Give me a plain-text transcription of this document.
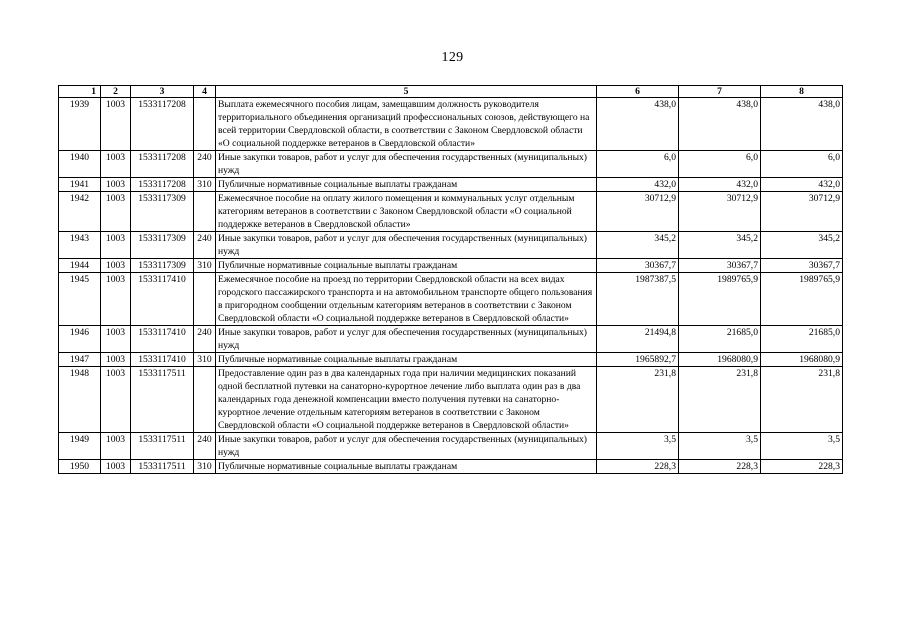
129
1	2	3	4	5	6	7	8
1939	1003	1533117208		Выплата ежемесячного пособия лицам, замещавшим должность руководителя территориального объединения организаций профессиональных союзов, действующего на всей территории Свердловской области, в соответствии с Законом Свердловской области «О социальной поддержке ветеранов в Свердловской области»	438,0	438,0	438,0
1940	1003	1533117208	240	Иные закупки товаров, работ и услуг для обеспечения государственных (муниципальных) нужд	6,0	6,0	6,0
1941	1003	1533117208	310	Публичные нормативные социальные выплаты гражданам	432,0	432,0	432,0
1942	1003	1533117309		Ежемесячное пособие на оплату жилого помещения и коммунальных услуг отдельным категориям ветеранов в соответствии с Законом Свердловской области «О социальной поддержке ветеранов в Свердловской области»	30712,9	30712,9	30712,9
1943	1003	1533117309	240	Иные закупки товаров, работ и услуг для обеспечения государственных (муниципальных) нужд	345,2	345,2	345,2
1944	1003	1533117309	310	Публичные нормативные социальные выплаты гражданам	30367,7	30367,7	30367,7
1945	1003	1533117410		Ежемесячное пособие на проезд по территории Свердловской области на всех видах городского пассажирского транспорта и на автомобильном транспорте общего пользования в пригородном сообщении отдельным категориям ветеранов в соответствии с Законом Свердловской области «О социальной поддержке ветеранов в Свердловской области»	1987387,5	1989765,9	1989765,9
1946	1003	1533117410	240	Иные закупки товаров, работ и услуг для обеспечения государственных (муниципальных) нужд	21494,8	21685,0	21685,0
1947	1003	1533117410	310	Публичные нормативные социальные выплаты гражданам	1965892,7	1968080,9	1968080,9
1948	1003	1533117511		Предоставление один раз в два календарных года при наличии медицинских показаний одной бесплатной путевки на санаторно-курортное лечение либо выплата один раз в два календарных года денежной компенсации вместо получения путевки на санаторно-курортное лечение отдельным категориям ветеранов в соответствии с Законом Свердловской области «О социальной поддержке ветеранов в Свердловской области»	231,8	231,8	231,8
1949	1003	1533117511	240	Иные закупки товаров, работ и услуг для обеспечения государственных (муниципальных) нужд	3,5	3,5	3,5
1950	1003	1533117511	310	Публичные нормативные социальные выплаты гражданам	228,3	228,3	228,3
